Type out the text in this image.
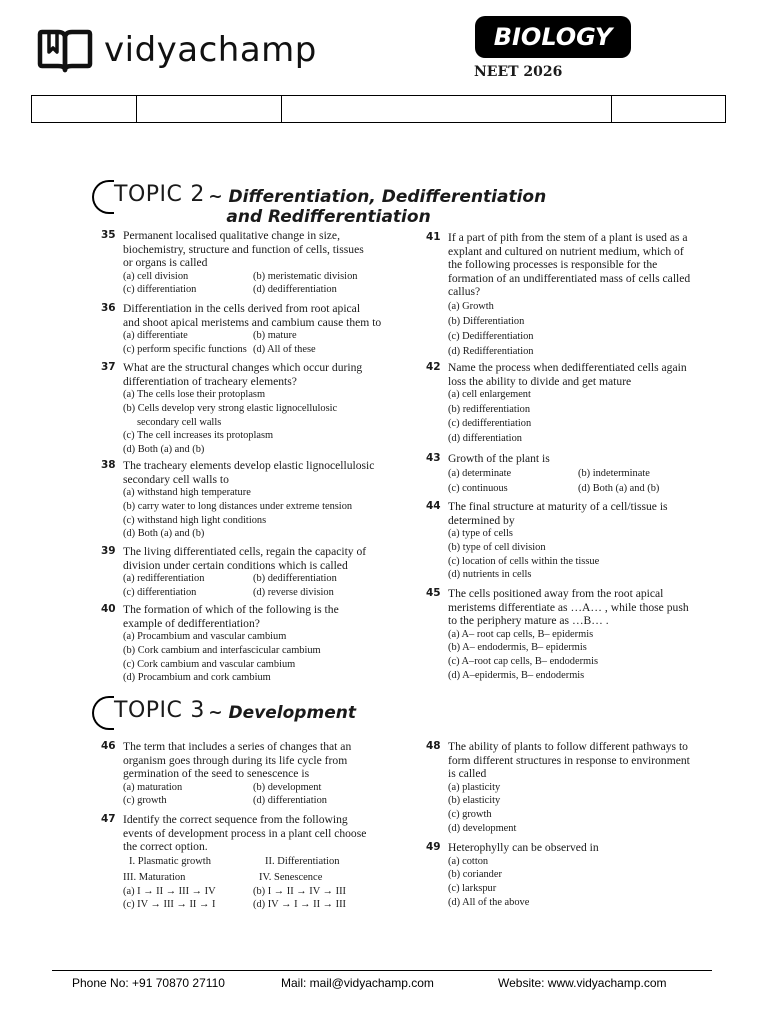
vidyachamp	BIOLOGY
NEET 2026
TOPIC 2 ~ Differentiation, Dedifferentiation
and Redifferentiation
35 Permanent localised qualitative change in size,
biochemistry, structure and function of cells, tissues
or organs is called
(a) cell division	(b) meristematic division
(c) differentiation	(d) dedifferentiation
36 Differentiation in the cells derived from root apical
and shoot apical meristems and cambium cause them to
(a) differentiate	(b) mature
(c) perform specific functions (d) All of these
37 What are the structural changes which occur during
differentiation of tracheary elements?
(a) The cells lose their protoplasm
(b) Cells develop very strong elastic lignocellulosic
secondary cell walls
(c) The cell increases its protoplasm
(d) Both (a) and (b)
38 The tracheary elements develop elastic lignocellulosic
secondary cell walls to
(a) withstand high temperature
(b) carry water to long distances under extreme tension
(c) withstand high light conditions
(d) Both (a) and (b)
39 The living differentiated cells, regain the capacity of
division under certain conditions which is called
(a) redifferentiation	(b) dedifferentiation
(c) differentiation	(d) reverse division
40 The formation of which of the following is the
example of dedifferentiation?
(a) Procambium and vascular cambium
(b) Cork cambium and interfascicular cambium
(c) Cork cambium and vascular cambium
(d) Procambium and cork cambium
41 If a part of pith from the stem of a plant is used as a
explant and cultured on nutrient medium, which of
the following processes is responsible for the
formation of an undifferentiated mass of cells called
callus?
(a) Growth
(b) Differentiation
(c) Dedifferentiation
(d) Redifferentiation
42 Name the process when dedifferentiated cells again
loss the ability to divide and get mature
(a) cell enlargement
(b) redifferentiation
(c) dedifferentiation
(d) differentiation
43 Growth of the plant is
(a) determinate	(b) indeterminate
(c) continuous	(d) Both (a) and (b)
44 The final structure at maturity of a cell/tissue is
determined by
(a) type of cells
(b) type of cell division
(c) location of cells within the tissue
(d) nutrients in cells
45 The cells positioned away from the root apical
meristems differentiate as …A… , while those push
to the periphery mature as …B… .
(a) A– root cap cells, B– epidermis
(b) A– endodermis, B– epidermis
(c) A–root cap cells, B– endodermis
(d) A–epidermis, B– endodermis
TOPIC 3 ~ Development
46 The term that includes a series of changes that an
organism goes through during its life cycle from
germination of the seed to senescence is
(a) maturation	(b) development
(c) growth	(d) differentiation
47 Identify the correct sequence from the following
events of development process in a plant cell choose
the correct option.
I. Plasmatic growth	II. Differentiation
III. Maturation	IV. Senescence
(a) I → II → III → IV	(b) I → II → IV → III
(c) IV → III → II → I	(d) IV → I → II → III
48 The ability of plants to follow different pathways to
form different structures in response to environment
is called
(a) plasticity
(b) elasticity
(c) growth
(d) development
49 Heterophylly can be observed in
(a) cotton
(b) coriander
(c) larkspur
(d) All of the above
Phone No: +91 70870 27110	Mail: mail@vidyachamp.com	Website: www.vidyachamp.com
